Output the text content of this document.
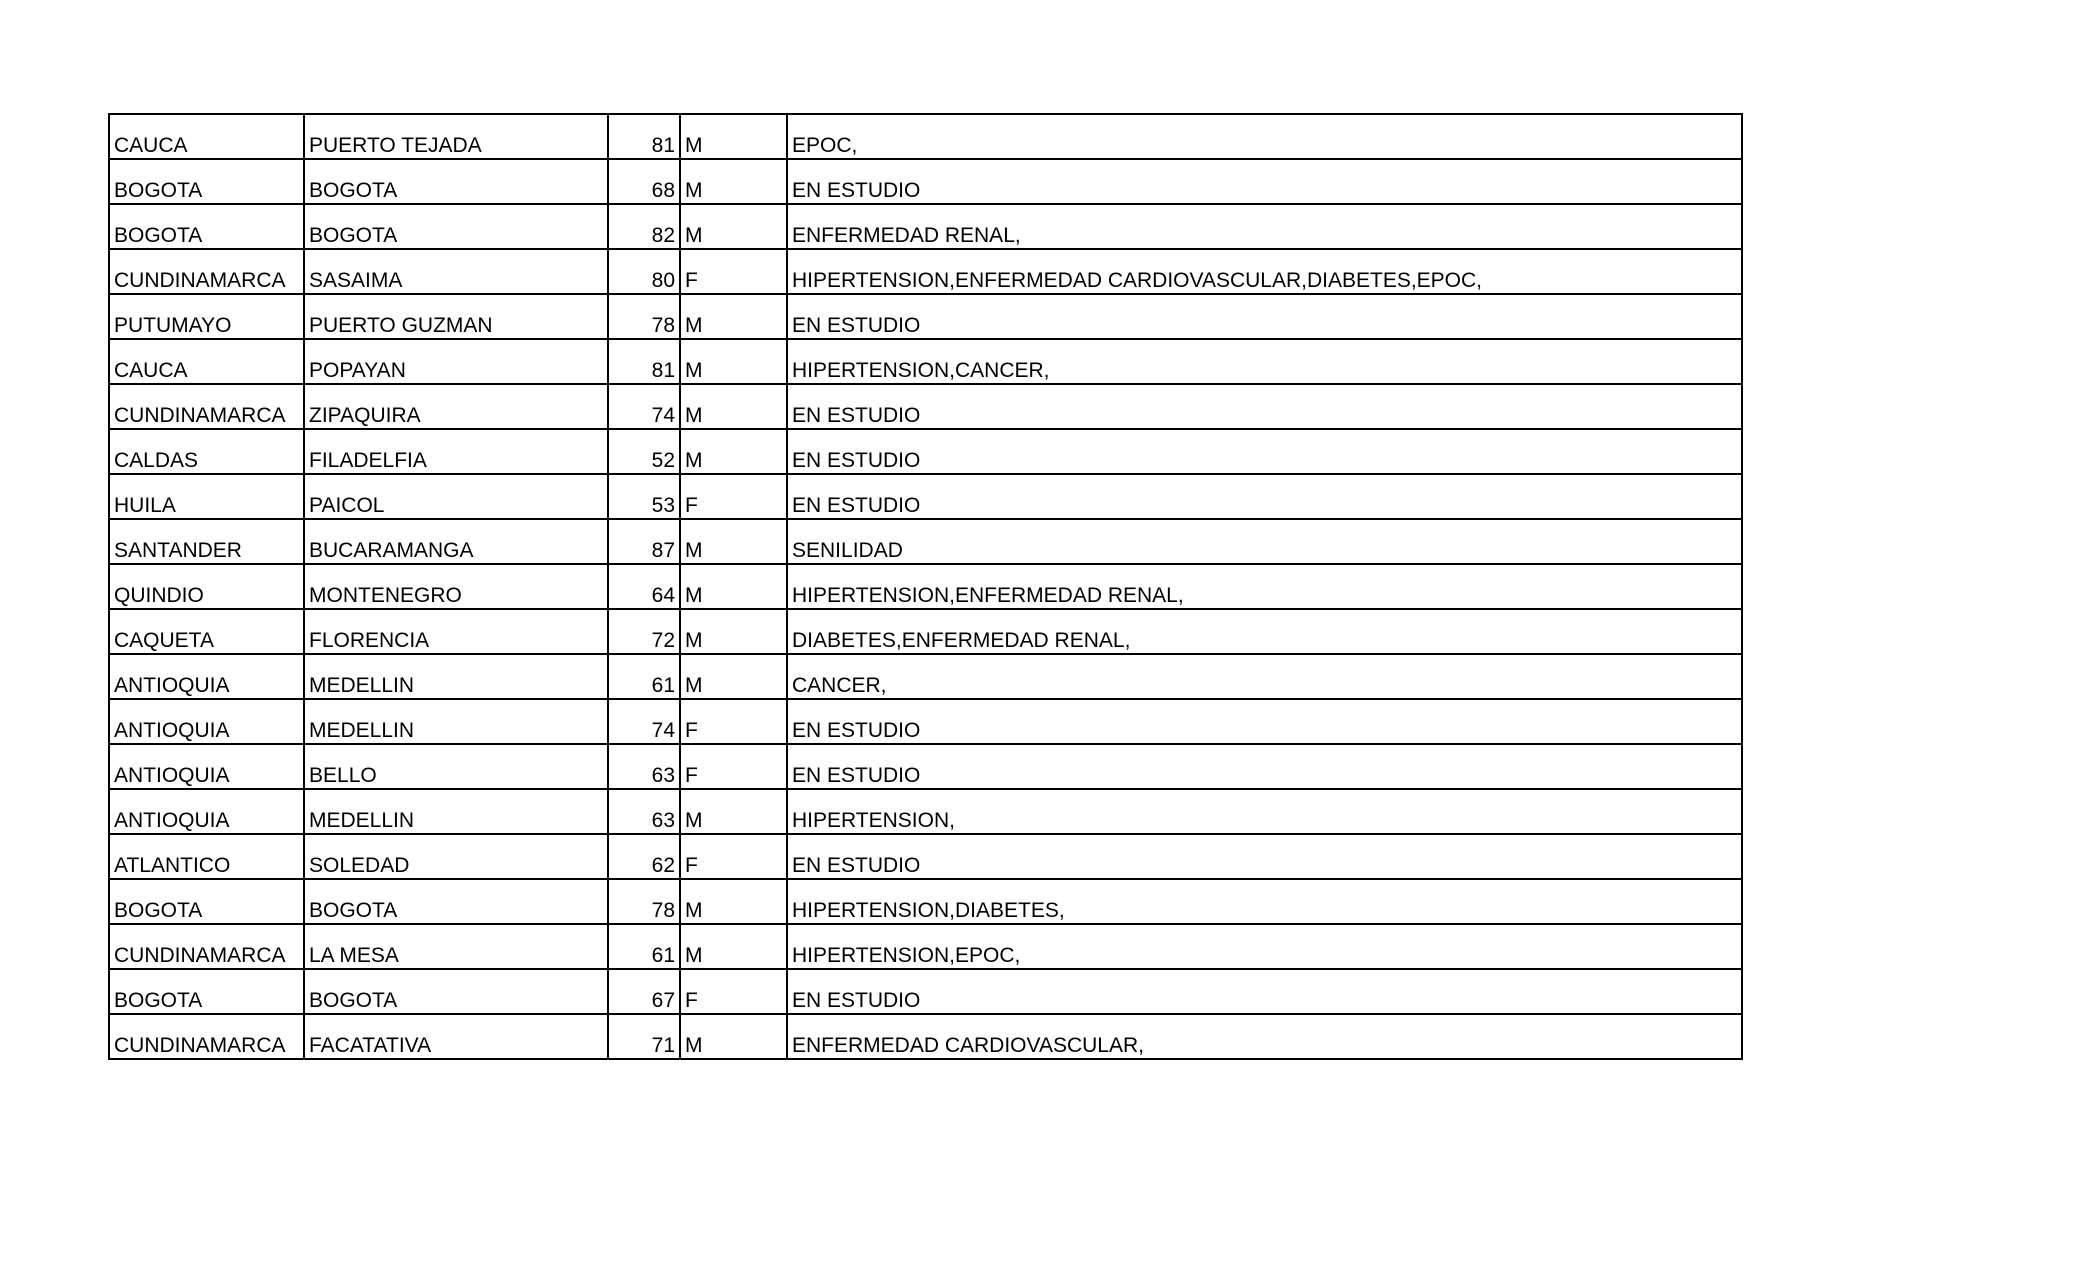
CAUCA	PUERTO TEJADA	81	M	EPOC,
BOGOTA	BOGOTA	68	M	EN ESTUDIO
BOGOTA	BOGOTA	82	M	ENFERMEDAD RENAL,
CUNDINAMARCA	SASAIMA	80	F	HIPERTENSION,ENFERMEDAD CARDIOVASCULAR,DIABETES,EPOC,
PUTUMAYO	PUERTO GUZMAN	78	M	EN ESTUDIO
CAUCA	POPAYAN	81	M	HIPERTENSION,CANCER,
CUNDINAMARCA	ZIPAQUIRA	74	M	EN ESTUDIO
CALDAS	FILADELFIA	52	M	EN ESTUDIO
HUILA	PAICOL	53	F	EN ESTUDIO
SANTANDER	BUCARAMANGA	87	M	SENILIDAD
QUINDIO	MONTENEGRO	64	M	HIPERTENSION,ENFERMEDAD RENAL,
CAQUETA	FLORENCIA	72	M	DIABETES,ENFERMEDAD RENAL,
ANTIOQUIA	MEDELLIN	61	M	CANCER,
ANTIOQUIA	MEDELLIN	74	F	EN ESTUDIO
ANTIOQUIA	BELLO	63	F	EN ESTUDIO
ANTIOQUIA	MEDELLIN	63	M	HIPERTENSION,
ATLANTICO	SOLEDAD	62	F	EN ESTUDIO
BOGOTA	BOGOTA	78	M	HIPERTENSION,DIABETES,
CUNDINAMARCA	LA MESA	61	M	HIPERTENSION,EPOC,
BOGOTA	BOGOTA	67	F	EN ESTUDIO
CUNDINAMARCA	FACATATIVA	71	M	ENFERMEDAD CARDIOVASCULAR,
